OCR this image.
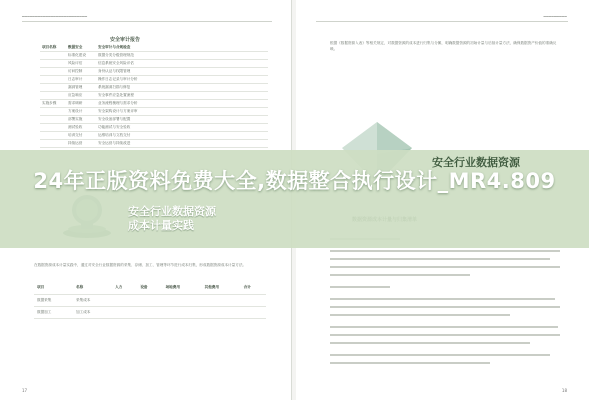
━━━━━━━━━━━━━━━━━━━━━━━━━
安全审计报告
项目名称	数据安全	安全审计与合规检查
	标准化建设	数据分类分级管理规范
	风险评估	信息系统安全风险评估
	访问控制	身份认证与权限管理
	日志审计	操作日志记录与审计分析
	漏洞管理	系统漏洞扫描与修复
	应急响应	安全事件应急处置流程
实施步骤	需求调研	业务流程梳理与需求分析
	方案设计	安全架构设计与方案评审
	部署实施	安全设备部署与配置
	测试验收	功能测试与安全验收
	培训交付	运维培训与文档交付
	持续运营	安全运营与持续改进
在数据资源成本计量实践中，通过对安全行业数据资源的采集、存储、加工、管理等环节进行成本归集，形成数据资源成本计量方法。
项目	名称	人力	设备	场地费用	其他费用	合计
数据采集	采集成本					
数据加工	加工成本					
17
━━━━━━━━━
根据《数据资源入表》等相关规定，对数据资源的成本进行归集与分摊，明确数据资源的初始计量与后续计量方法，确保数据资产价值的准确反映。
18
安全行业数据资源
24年正版资料免费大全,数据整合执行设计_MR4.809
安全行业数据资源
成本计量实践
